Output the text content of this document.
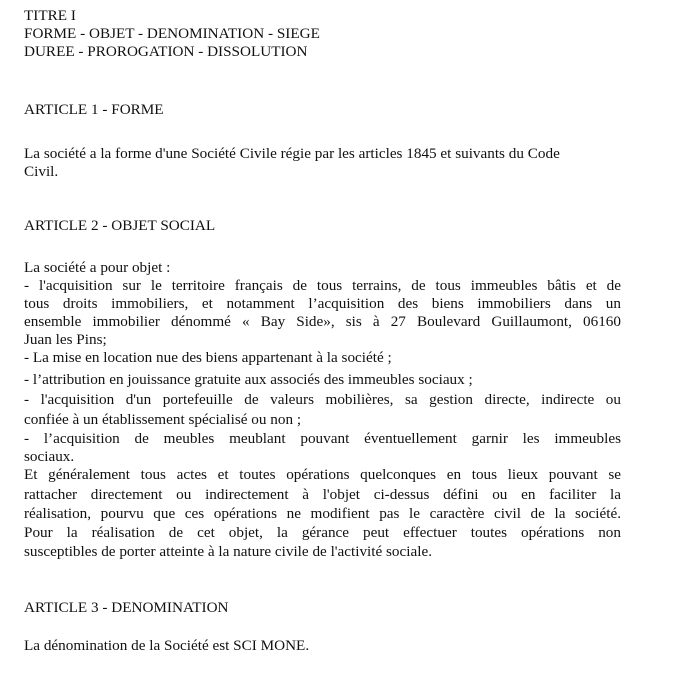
TITRE I
FORME - OBJET - DENOMINATION - SIEGE
DUREE - PROROGATION - DISSOLUTION
ARTICLE 1 - FORME
La société a la forme d'une Société Civile régie par les articles 1845 et suivants du Code
Civil.
ARTICLE 2 - OBJET SOCIAL
La société a pour objet :
- l'acquisition sur le territoire français de tous terrains, de tous immeubles bâtis et de
tous droits immobiliers, et notamment l’acquisition des biens immobiliers dans un
ensemble immobilier dénommé « Bay Side», sis à 27 Boulevard Guillaumont, 06160
Juan les Pins;
- La mise en location nue des biens appartenant à la société ;
- l’attribution en jouissance gratuite aux associés des immeubles sociaux ;
- l'acquisition d'un portefeuille de valeurs mobilières, sa gestion directe, indirecte ou
confiée à un établissement spécialisé ou non ;
- l’acquisition de meubles meublant pouvant éventuellement garnir les immeubles
sociaux.
Et généralement tous actes et toutes opérations quelconques en tous lieux pouvant se
rattacher directement ou indirectement à l'objet ci-dessus défini ou en faciliter la
réalisation, pourvu que ces opérations ne modifient pas le caractère civil de la société.
Pour la réalisation de cet objet, la gérance peut effectuer toutes opérations non
susceptibles de porter atteinte à la nature civile de l'activité sociale.
ARTICLE 3 - DENOMINATION
La dénomination de la Société est SCI MONE.
